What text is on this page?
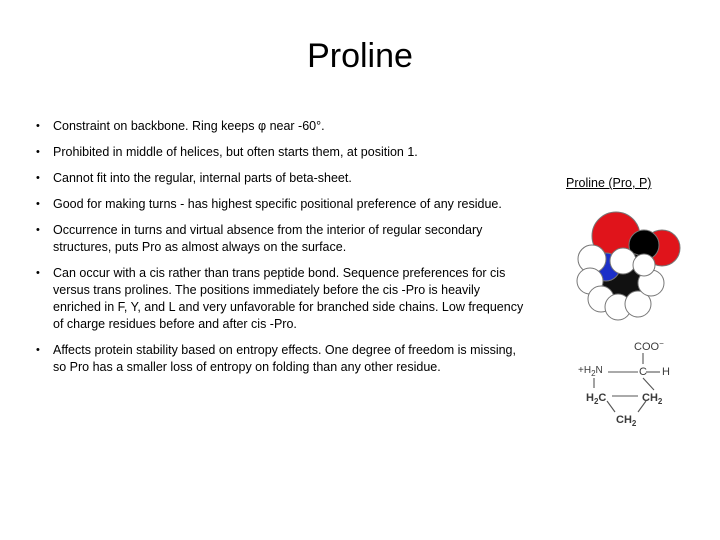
Proline
• Constraint on backbone. Ring keeps φ near -60°.
• Prohibited in middle of helices, but often starts them, at position 1.
• Cannot fit into the regular, internal parts of beta-sheet.
• Good for making turns - has highest specific positional preference of any residue.
• Occurrence in turns and virtual absence from the interior of regular secondary structures, puts Pro as almost always on the surface.
• Can occur with a cis rather than trans peptide bond. Sequence preferences for cis versus trans prolines. The positions immediately before the cis -Pro is heavily enriched in F, Y, and L and very unfavorable for branched side chains. Low frequency of charge residues before and after cis -Pro.
• Affects protein stability based on entropy effects. One degree of freedom is missing, so Pro has a smaller loss of entropy on folding than any other residue.
Proline (Pro, P)
COO−
$+H_2N$	C H
$H_2C$	$CH_2$
$CH_2$
